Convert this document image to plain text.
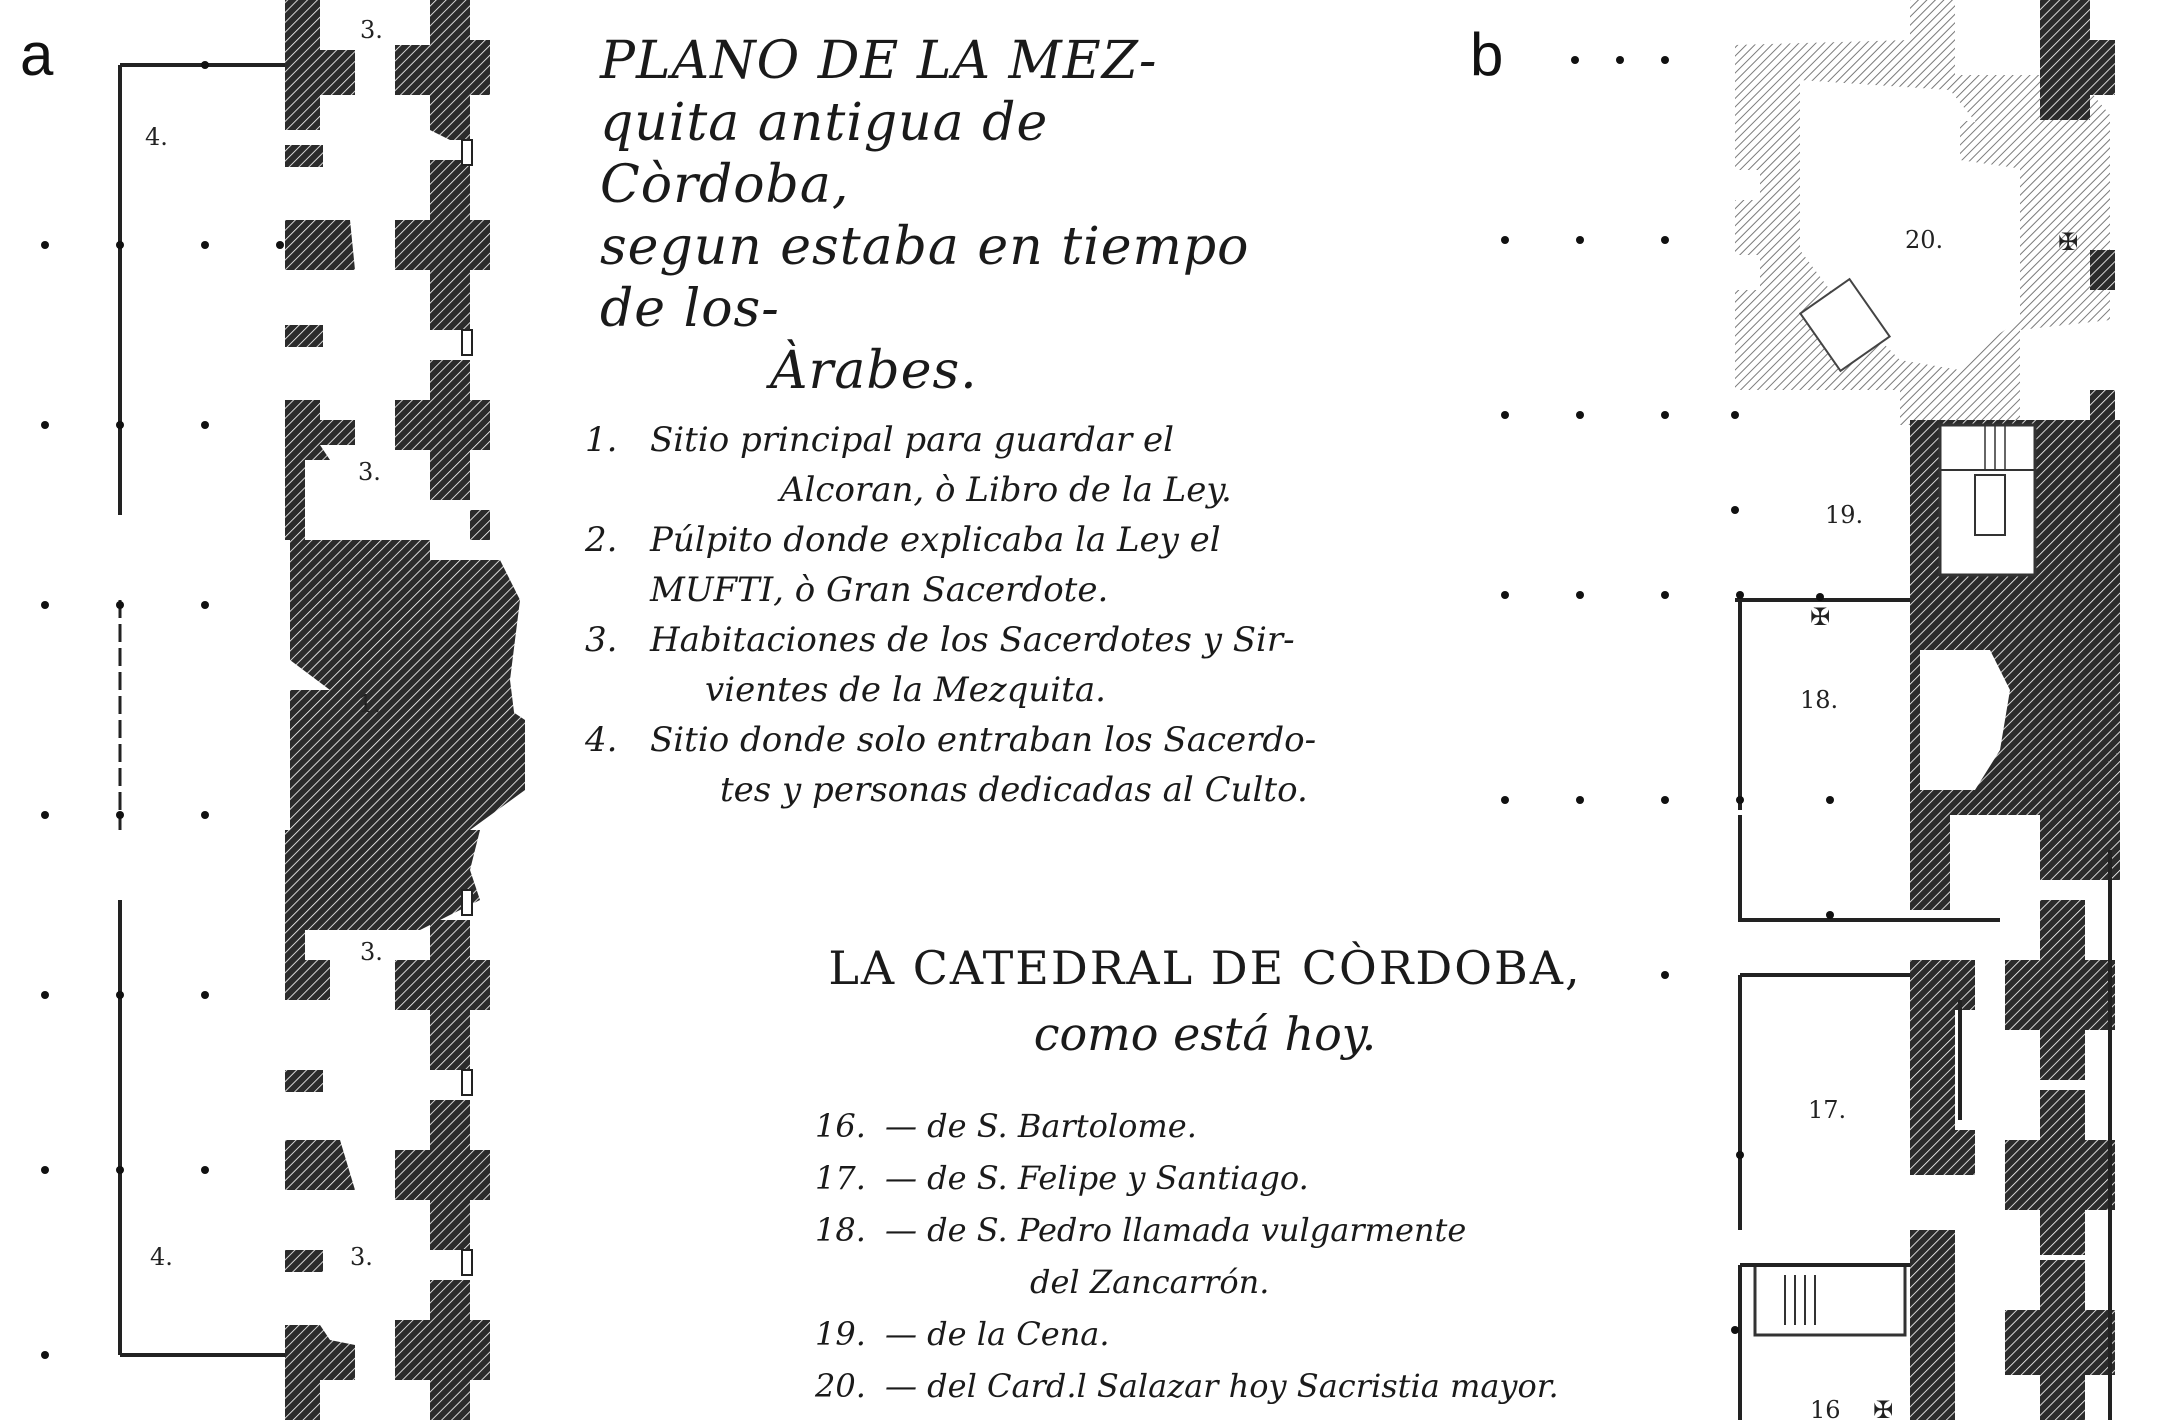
3.
4.
3.
1.
3.
4.	3.
20.
19.
18.
17.
16
✠
✠
✠
a	b
PLANO DE LA MEZ-
quita antigua de Còrdoba,
segun estaba en tiempo de los-
Àrabes.
1. Sitio principal para guardar el
Alcoran, ò Libro de la Ley.
2. Púlpito donde explicaba la Ley el
MUFTI, ò Gran Sacerdote.
3. Habitaciones de los Sacerdotes y Sir-
vientes de la Mezquita.
4. Sitio donde solo entraban los Sacerdo-
tes y personas dedicadas al Culto.
LA CATEDRAL DE CÒRDOBA,
como está hoy.
16. — de S. Bartolome.
17. — de S. Felipe y Santiago.
18. — de S. Pedro llamada vulgarmente
del Zancarrón.
19. — de la Cena.
20. — del Card.l Salazar hoy Sacristia mayor.
